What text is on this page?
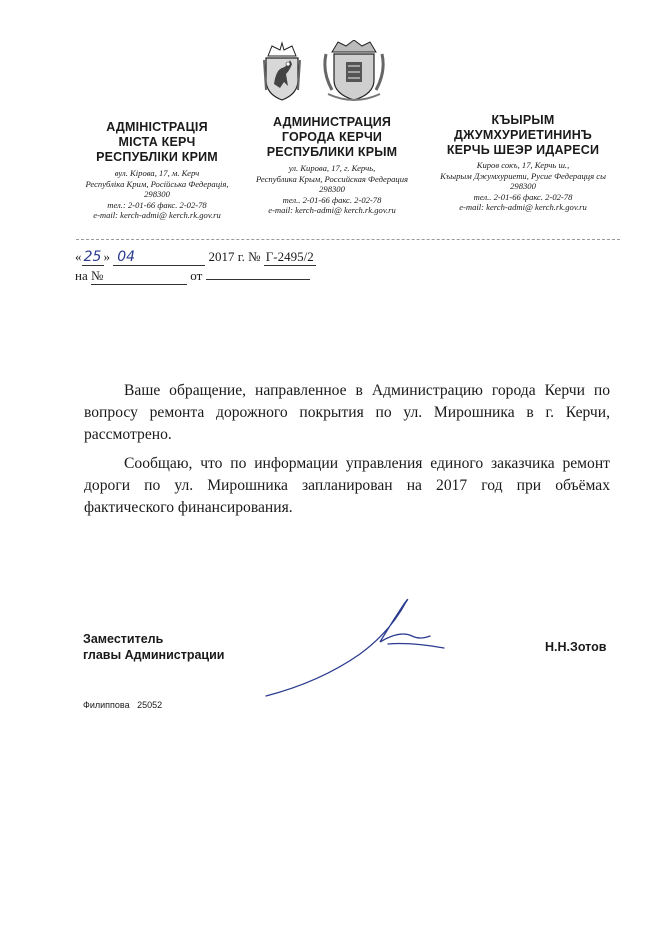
АДМІНІСТРАЦІЯ
МІСТА КЕРЧ
РЕСПУБЛІКИ КРИМ
вул. Кірова, 17, м. Керч
Республіка Крим, Російська Федерація,
298300
тел.: 2-01-66 факс. 2-02-78
e-mail: kerch-admi@ kerch.rk.gov.ru
АДМИНИСТРАЦИЯ
ГОРОДА КЕРЧИ
РЕСПУБЛИКИ КРЫМ
ул. Кирова, 17, г. Керчь,
Республика Крым, Российская Федерация
298300
тел.. 2-01-66 факс. 2-02-78
e-mail: kerch-admi@ kerch.rk.gov.ru
КЪЫРЫМ
ДЖУМХУРИЕТИНИНЪ
КЕРЧЬ ШЕЭР ИДАРЕСИ
Киров сокъ, 17, Керчь ш.,
Къырым Джумхуриети, Русие Федерацця сы
298300
тел.. 2-01-66 факс. 2-02-78
e-mail: kerch-admi@ kerch.rk.gov.ru
« 25 » 04	2017 г. № Г-2495/2
на №	от

Ваше обращение, направленное в Администрацию города Керчи по вопросу ремонта дорожного покрытия по ул. Мирошника в г. Керчи, рассмотрено.

Сообщаю, что по информации управления единого заказчика ремонт дороги по ул. Мирошника запланирован на 2017 год при объёмах фактического финансирования.

Заместитель
главы Администрации
Н.Н.Зотов
Филиппова 25052
